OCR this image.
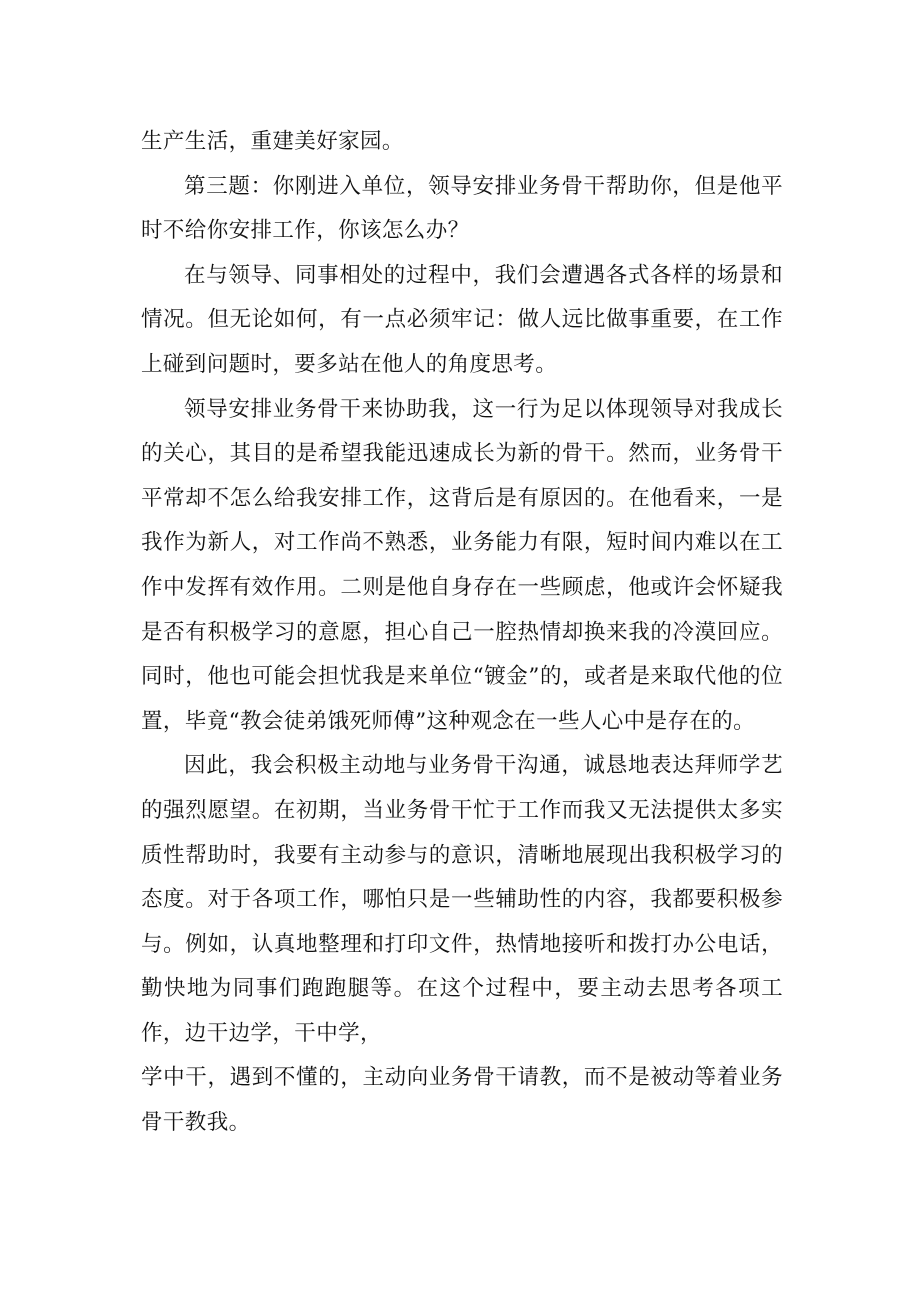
生产生活，重建美好家园。

第三题：你刚进入单位，领导安排业务骨干帮助你，但是他平时不给你安排工作，你该怎么办？

在与领导、同事相处的过程中，我们会遭遇各式各样的场景和情况。但无论如何，有一点必须牢记：做人远比做事重要，在工作上碰到问题时，要多站在他人的角度思考。

领导安排业务骨干来协助我，这一行为足以体现领导对我成长的关心，其目的是希望我能迅速成长为新的骨干。然而，业务骨干平常却不怎么给我安排工作，这背后是有原因的。在他看来，一是我作为新人，对工作尚不熟悉，业务能力有限，短时间内难以在工作中发挥有效作用。二则是他自身存在一些顾虑，他或许会怀疑我是否有积极学习的意愿，担心自己一腔热情却换来我的冷漠回应。同时，他也可能会担忧我是来单位“镀金”的，或者是来取代他的位置，毕竟“教会徒弟饿死师傅”这种观念在一些人心中是存在的。

因此，我会积极主动地与业务骨干沟通，诚恳地表达拜师学艺的强烈愿望。在初期，当业务骨干忙于工作而我又无法提供太多实质性帮助时，我要有主动参与的意识，清晰地展现出我积极学习的态度。对于各项工作，哪怕只是一些辅助性的内容，我都要积极参与。例如，认真地整理和打印文件，热情地接听和拨打办公电话，勤快地为同事们跑跑腿等。在这个过程中，要主动去思考各项工作，边干边学，干中学，

学中干，遇到不懂的，主动向业务骨干请教，而不是被动等着业务骨干教我。
